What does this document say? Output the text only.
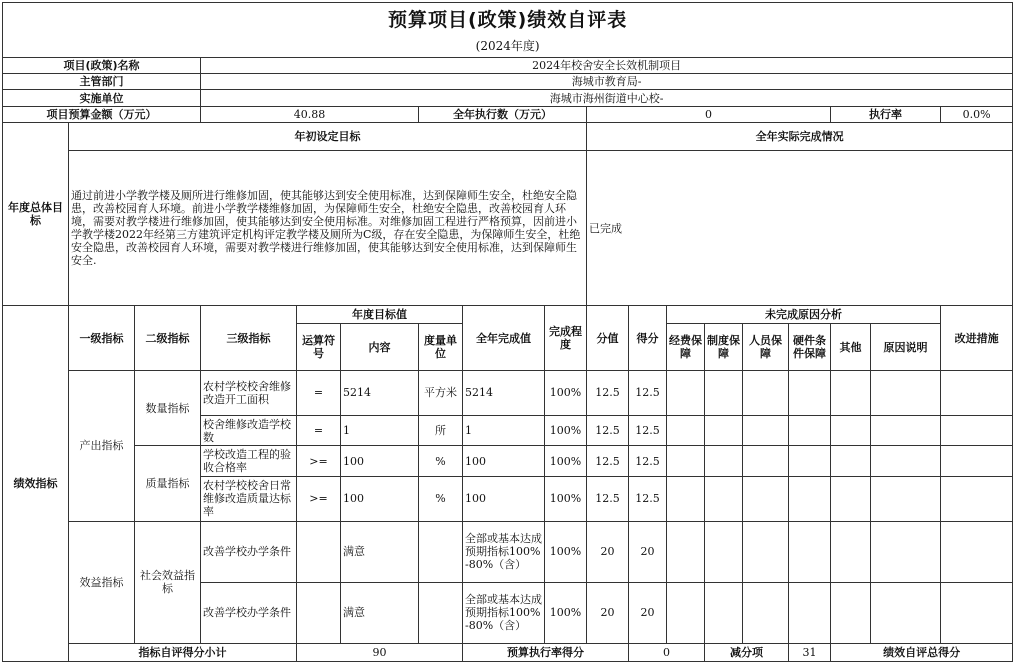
预算项目(政策)绩效自评表																		
(2024年度)																		
项目(政策)名称			2024年校舍安全长效机制项目															
主管部门			海城市教育局-															
实施单位			海城市海州街道中心校-															
项目预算金额（万元）			40.88			全年执行数（万元）			0						执行率		0.0%	
年度总体目标	年初设定目标								全年实际完成情况									
	通过前进小学教学楼及厕所进行维修加固，使其能够达到安全使用标准，达到保障师生安全，杜绝安全隐患，改善校园育人环境。前进小学教学楼维修加固，为保障师生安全，杜绝安全隐患，改善校园育人环境，需要对教学楼进行维修加固，使其能够达到安全使用标准。对维修加固工程进行严格预算，因前进小学教学楼2022年经第三方建筑评定机构评定教学楼及厕所为C级，存在安全隐患，为保障师生安全，杜绝安全隐患，改善校园育人环境，需要对教学楼进行维修加固，使其能够达到安全使用标准，达到保障师生安全.								已完成									
绩效指标	一级指标	二级指标	三级指标	年度目标值			全年完成值	完成程度	分值	得分	未完成原因分析						改进措施	
				运算符号	内容	度量单位					经费保障	制度保障	人员保障	硬件条件保障	其他	原因说明		
	产出指标	数量指标	农村学校校舍维修改造开工面积	=	5214	平方米	5214	100%	12.5	12.5								
			校舍维修改造学校数	=	1	所	1	100%	12.5	12.5								
		质量指标	学校改造工程的验收合格率	>=	100	%	100	100%	12.5	12.5								
			农村学校校舍日常维修改造质量达标率	>=	100	%	100	100%	12.5	12.5								
	效益指标	社会效益指标	改善学校办学条件		满意		全部或基本达成预期指标100%-80%（含）	100%	20	20								
			改善学校办学条件		满意		全部或基本达成预期指标100%-80%（含）	100%	20	20								
	指标自评得分小计			90			预算执行率得分			0		减分项		31	绩效自评总得分	
